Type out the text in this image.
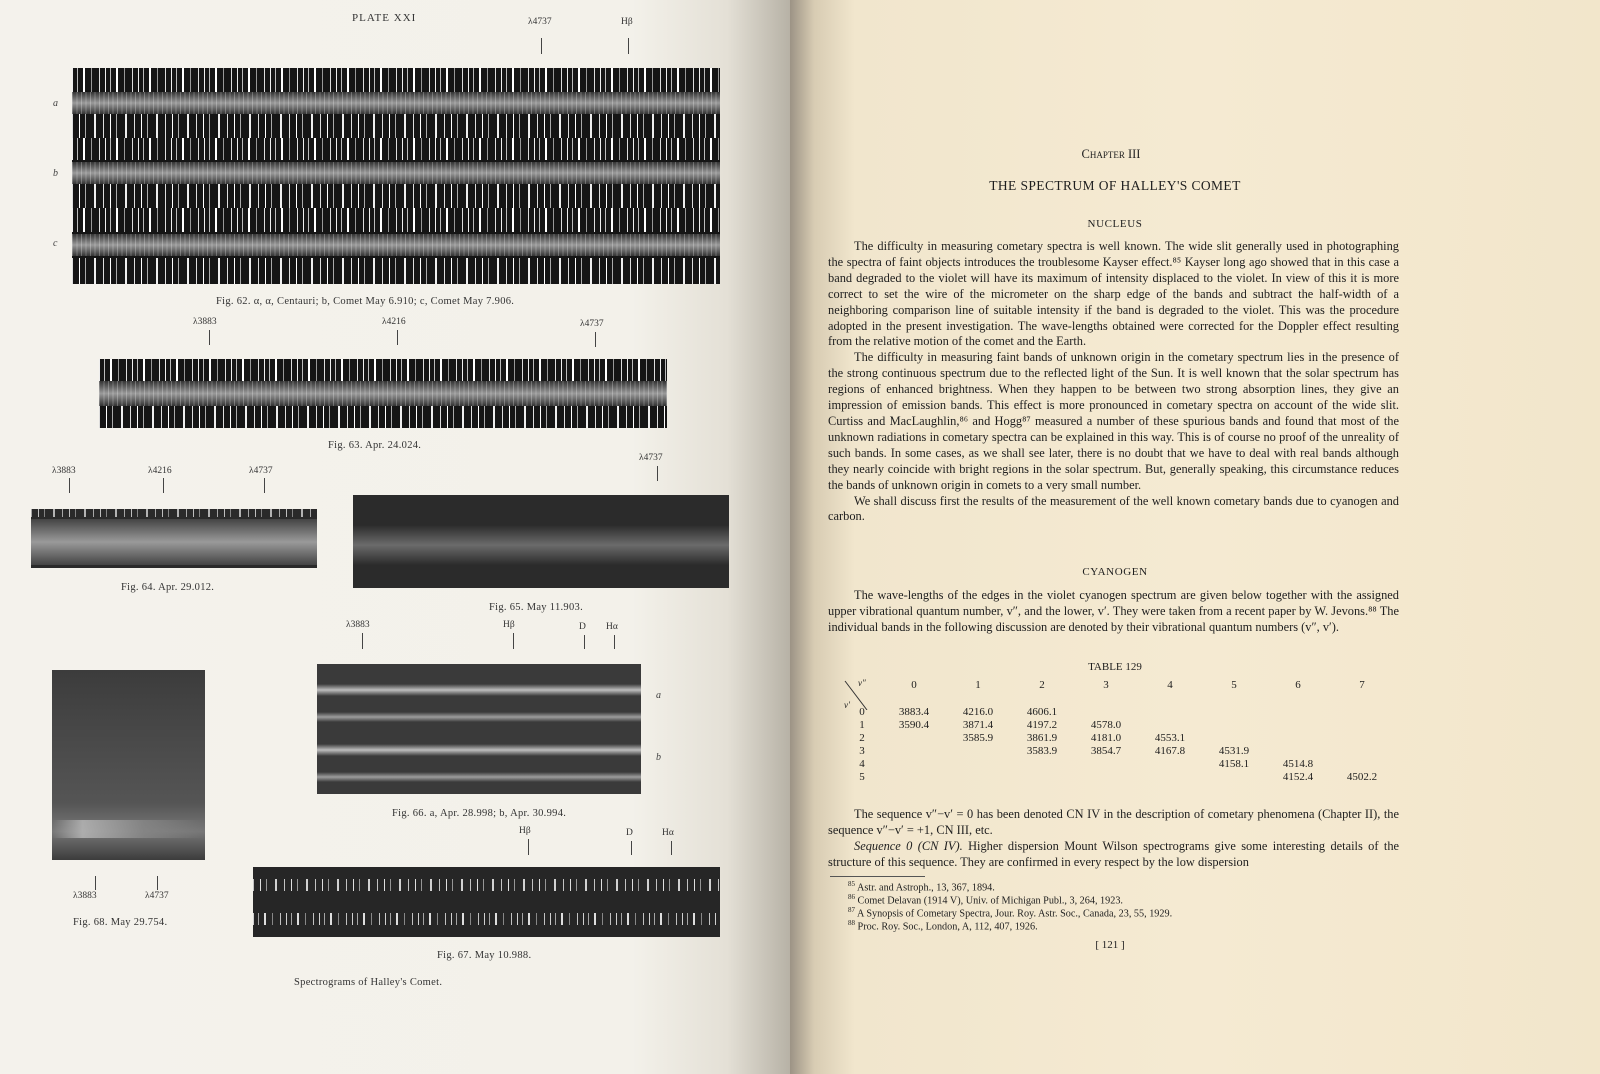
PLATE XXI	λ4737	Hβ
a
b
c
Fig. 62. α, α, Centauri; b, Comet May 6.910; c, Comet May 7.906.
λ3883	λ4216	λ4737
Fig. 63. Apr. 24.024.
λ3883	λ4216	λ4737
Fig. 64. Apr. 29.012.
λ4737
Fig. 65. May 11.903.
λ3883	Hβ	D Hα
a
b
Fig. 66. a, Apr. 28.998; b, Apr. 30.994.
λ3883	λ4737
Fig. 68. May 29.754.
Hβ	D	Hα
Fig. 67. May 10.988.
Spectrograms of Halley's Comet.
Chapter III
THE SPECTRUM OF HALLEY'S COMET
NUCLEUS

The difficulty in measuring cometary spectra is well known. The wide slit generally used in photographing the spectra of faint objects introduces the troublesome Kayser effect.⁸⁵ Kayser long ago showed that in this case a band degraded to the violet will have its maximum of intensity displaced to the violet. In view of this it is more correct to set the wire of the micrometer on the sharp edge of the bands and subtract the half-width of a neighboring comparison line of suitable intensity if the band is degraded to the violet. This was the procedure adopted in the present investigation. The wave-lengths obtained were corrected for the Doppler effect resulting from the relative motion of the comet and the Earth.

The difficulty in measuring faint bands of unknown origin in the cometary spectrum lies in the presence of the strong continuous spectrum due to the reflected light of the Sun. It is well known that the solar spectrum has regions of enhanced brightness. When they happen to be between two strong absorption lines, they give an impression of emission bands. This effect is more pronounced in cometary spectra on account of the wide slit. Curtiss and MacLaughlin,⁸⁶ and Hogg⁸⁷ measured a number of these spurious bands and found that most of the unknown radiations in cometary spectra can be explained in this way. This is of course no proof of the unreality of such bands. In some cases, as we shall see later, there is no doubt that we have to deal with real bands although they nearly coincide with bright regions in the solar spectrum. But, generally speaking, this circumstance reduces the bands of unknown origin in comets to a very small number.

We shall discuss first the results of the measurement of the well known cometary bands due to cyanogen and carbon.

CYANOGEN

The wave-lengths of the edges in the violet cyanogen spectrum are given below together with the assigned upper vibrational quantum number, v″, and the lower, v′. They were taken from a recent paper by W. Jevons.⁸⁸ The individual bands in the following discussion are denoted by their vibrational quantum numbers (v″, v′).

TABLE 129
v″
v′
	0	1	2	3	4	5	6	7

0	3883.4	4216.0	4606.1					
1	3590.4	3871.4	4197.2	4578.0				
2		3585.9	3861.9	4181.0	4553.1			
3			3583.9	3854.7	4167.8	4531.9		
4						4158.1	4514.8	
5							4152.4	4502.2

The sequence v″−v′ = 0 has been denoted CN IV in the description of cometary phenomena (Chapter II), the sequence v″−v′ = +1, CN III, etc.

Sequence 0 (CN IV). Higher dispersion Mount Wilson spectrograms give some interesting details of the structure of this sequence. They are confirmed in every respect by the low dispersion

$^{85}$ Astr. and Astroph., 13, 367, 1894.
$^{86}$ Comet Delavan (1914 V), Univ. of Michigan Publ., 3, 264, 1923.
$^{87}$ A Synopsis of Cometary Spectra, Jour. Roy. Astr. Soc., Canada, 23, 55, 1929.
$^{88}$ Proc. Roy. Soc., London, A, 112, 407, 1926.
[ 121 ]
